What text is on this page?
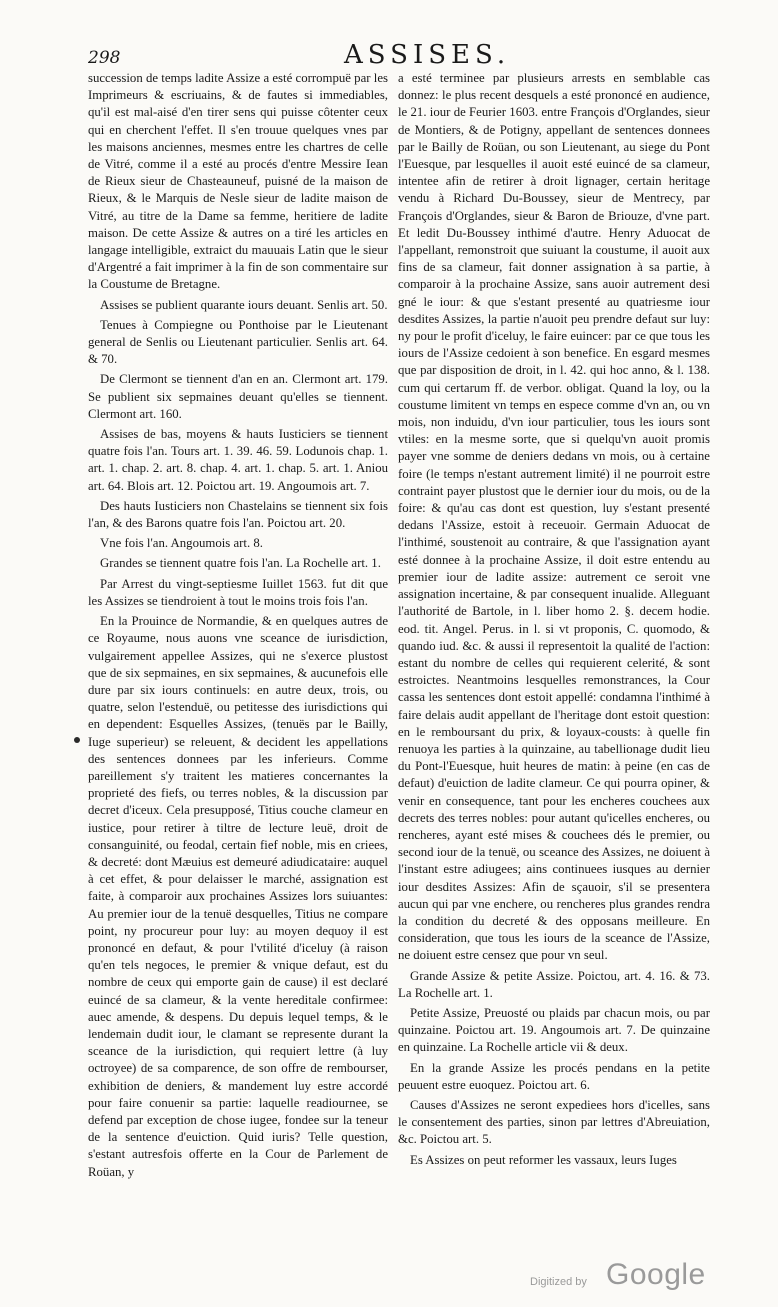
298	ASSISES.

succession de temps ladite Assize a esté corrompuë par les Imprimeurs & escriuains, & de fautes si immediables, qu'il est mal-aisé d'en tirer sens qui puisse côtenter ceux qui en cherchent l'effet. Il s'en trouue quelques vnes par les maisons anciennes, mesmes entre les chartres de celle de Vitré, comme il a esté au procés d'entre Messire Iean de Rieux sieur de Chasteauneuf, puisné de la maison de Rieux, & le Marquis de Nesle sieur de ladite maison de Vitré, au titre de la Dame sa femme, heritiere de ladite maison. De cette Assize & autres on a tiré les articles en langage intelligible, extraict du mauuais Latin que le sieur d'Argentré a fait imprimer à la fin de son commentaire sur la Coustume de Bretagne.

Assises se publient quarante iours deuant. Senlis art. 50.

Tenues à Compiegne ou Ponthoise par le Lieutenant general de Senlis ou Lieutenant particulier. Senlis art. 64. & 70.

De Clermont se tiennent d'an en an. Clermont art. 179. Se publient six sepmaines deuant qu'elles se tiennent. Clermont art. 160.

Assises de bas, moyens & hauts Iusticiers se tiennent quatre fois l'an. Tours art. 1. 39. 46. 59. Lodunois chap. 1. art. 1. chap. 2. art. 8. chap. 4. art. 1. chap. 5. art. 1. Aniou art. 64. Blois art. 12. Poictou art. 19. Angoumois art. 7.

Des hauts Iusticiers non Chastelains se tiennent six fois l'an, & des Barons quatre fois l'an. Poictou art. 20.

Vne fois l'an. Angoumois art. 8.

Grandes se tiennent quatre fois l'an. La Rochelle art. 1.

Par Arrest du vingt-septiesme Iuillet 1563. fut dit que les Assizes se tiendroient à tout le moins trois fois l'an.

En la Prouince de Normandie, & en quelques autres de ce Royaume, nous auons vne sceance de iurisdiction, vulgairement appellee Assizes, qui ne s'exerce plustost que de six sepmaines, en six sepmaines, & aucunefois elle dure par six iours continuels: en autre deux, trois, ou quatre, selon l'estenduë, ou petitesse des iurisdictions qui en dependent: Esquelles Assizes, (tenuës par le Bailly, Iuge superieur) se releuent, & decident les appellations des sentences donnees par les inferieurs. Comme pareillement s'y traitent les matieres concernantes la proprieté des fiefs, ou terres nobles, & la discussion par decret d'iceux. Cela presupposé, Titius couche clameur en iustice, pour retirer à tiltre de lecture leuë, droit de consanguinité, ou feodal, certain fief noble, mis en criees, & decreté: dont Mæuius est demeuré adiudicataire: auquel à cet effet, & pour delaisser le marché, assignation est faite, à comparoir aux prochaines Assizes lors suiuantes: Au premier iour de la tenuë desquelles, Titius ne compare point, ny procureur pour luy: au moyen dequoy il est prononcé en defaut, & pour l'vtilité d'iceluy (à raison qu'en tels negoces, le premier & vnique defaut, est du nombre de ceux qui emporte gain de cause) il est declaré euincé de sa clameur, & la vente hereditale confirmee: auec amende, & despens. Du depuis lequel temps, & le lendemain dudit iour, le clamant se represente durant la sceance de la iurisdiction, qui requiert lettre (à luy octroyee) de sa comparence, de son offre de rembourser, exhibition de deniers, & mandement luy estre accordé pour faire conuenir sa partie: laquelle readiournee, se defend par exception de chose iugee, fondee sur la teneur de la sentence d'euiction. Quid iuris? Telle question, s'estant autresfois offerte en la Cour de Parlement de Roüan, y

a esté terminee par plusieurs arrests en semblable cas donnez: le plus recent desquels a esté prononcé en audience, le 21. iour de Feurier 1603. entre François d'Orglandes, sieur de Montiers, & de Potigny, appellant de sentences donnees par le Bailly de Roüan, ou son Lieutenant, au siege du Pont l'Euesque, par lesquelles il auoit esté euincé de sa clameur, intentee afin de retirer à droit lignager, certain heritage vendu à Richard Du-Boussey, sieur de Mentrecy, par François d'Orglandes, sieur & Baron de Briouze, d'vne part. Et ledit Du-Boussey inthimé d'autre. Henry Aduocat de l'appellant, remonstroit que suiuant la coustume, il auoit aux fins de sa clameur, fait donner assignation à sa partie, à comparoir à la prochaine Assize, sans auoir autrement desi gné le iour: & que s'estant presenté au quatriesme iour desdites Assizes, la partie n'auoit peu prendre defaut sur luy: ny pour le profit d'iceluy, le faire euincer: par ce que tous les iours de l'Assize cedoient à son benefice. En esgard mesmes que par disposition de droit, in l. 42. qui hoc anno, & l. 138. cum qui certarum ff. de verbor. obligat. Quand la loy, ou la coustume limitent vn temps en espece comme d'vn an, ou vn mois, non induidu, d'vn iour particulier, tous les iours sont vtiles: en la mesme sorte, que si quelqu'vn auoit promis payer vne somme de deniers dedans vn mois, ou à certaine foire (le temps n'estant autrement limité) il ne pourroit estre contraint payer plustost que le dernier iour du mois, ou de la foire: & qu'au cas dont est question, luy s'estant presenté dedans l'Assize, estoit à receuoir. Germain Aduocat de l'inthimé, soustenoit au contraire, & que l'assignation ayant esté donnee à la prochaine Assize, il doit estre entendu au premier iour de ladite assize: autrement ce seroit vne assignation incertaine, & par consequent inualide. Alleguant l'authorité de Bartole, in l. liber homo 2. §. decem hodie. eod. tit. Angel. Perus. in l. si vt proponis, C. quomodo, & quando iud. &c. & aussi il representoit la qualité de l'action: estant du nombre de celles qui requierent celerité, & sont estroictes. Neantmoins lesquelles remonstrances, la Cour cassa les sentences dont estoit appellé: condamna l'inthimé à faire delais audit appellant de l'heritage dont estoit question: en le remboursant du prix, & loyaux-cousts: à quelle fin renuoya les parties à la quinzaine, au tabellionage dudit lieu du Pont-l'Euesque, huit heures de matin: à peine (en cas de defaut) d'euiction de ladite clameur. Ce qui pourra opiner, & venir en consequence, tant pour les encheres couchees aux decrets des terres nobles: pour autant qu'icelles encheres, ou rencheres, ayant esté mises & couchees dés le premier, ou second iour de la tenuë, ou sceance des Assizes, ne doiuent à l'instant estre adiugees; ains continuees iusques au dernier iour desdites Assizes: Afin de sçauoir, s'il se presentera aucun qui par vne enchere, ou rencheres plus grandes rendra la condition du decreté & des opposans meilleure. En consideration, que tous les iours de la sceance de l'Assize, ne doiuent estre censez que pour vn seul.

Grande Assize & petite Assize. Poictou, art. 4. 16. & 73. La Rochelle art. 1.

Petite Assize, Preuosté ou plaids par chacun mois, ou par quinzaine. Poictou art. 19. Angoumois art. 7. De quinzaine en quinzaine. La Rochelle article vii & deux.

En la grande Assize les procés pendans en la petite peuuent estre euoquez. Poictou art. 6.

Causes d'Assizes ne seront expediees hors d'icelles, sans le consentement des parties, sinon par lettres d'Abreuiation, &c. Poictou art. 5.

Es Assizes on peut reformer les vassaux, leurs Iuges

Digitized by Google
